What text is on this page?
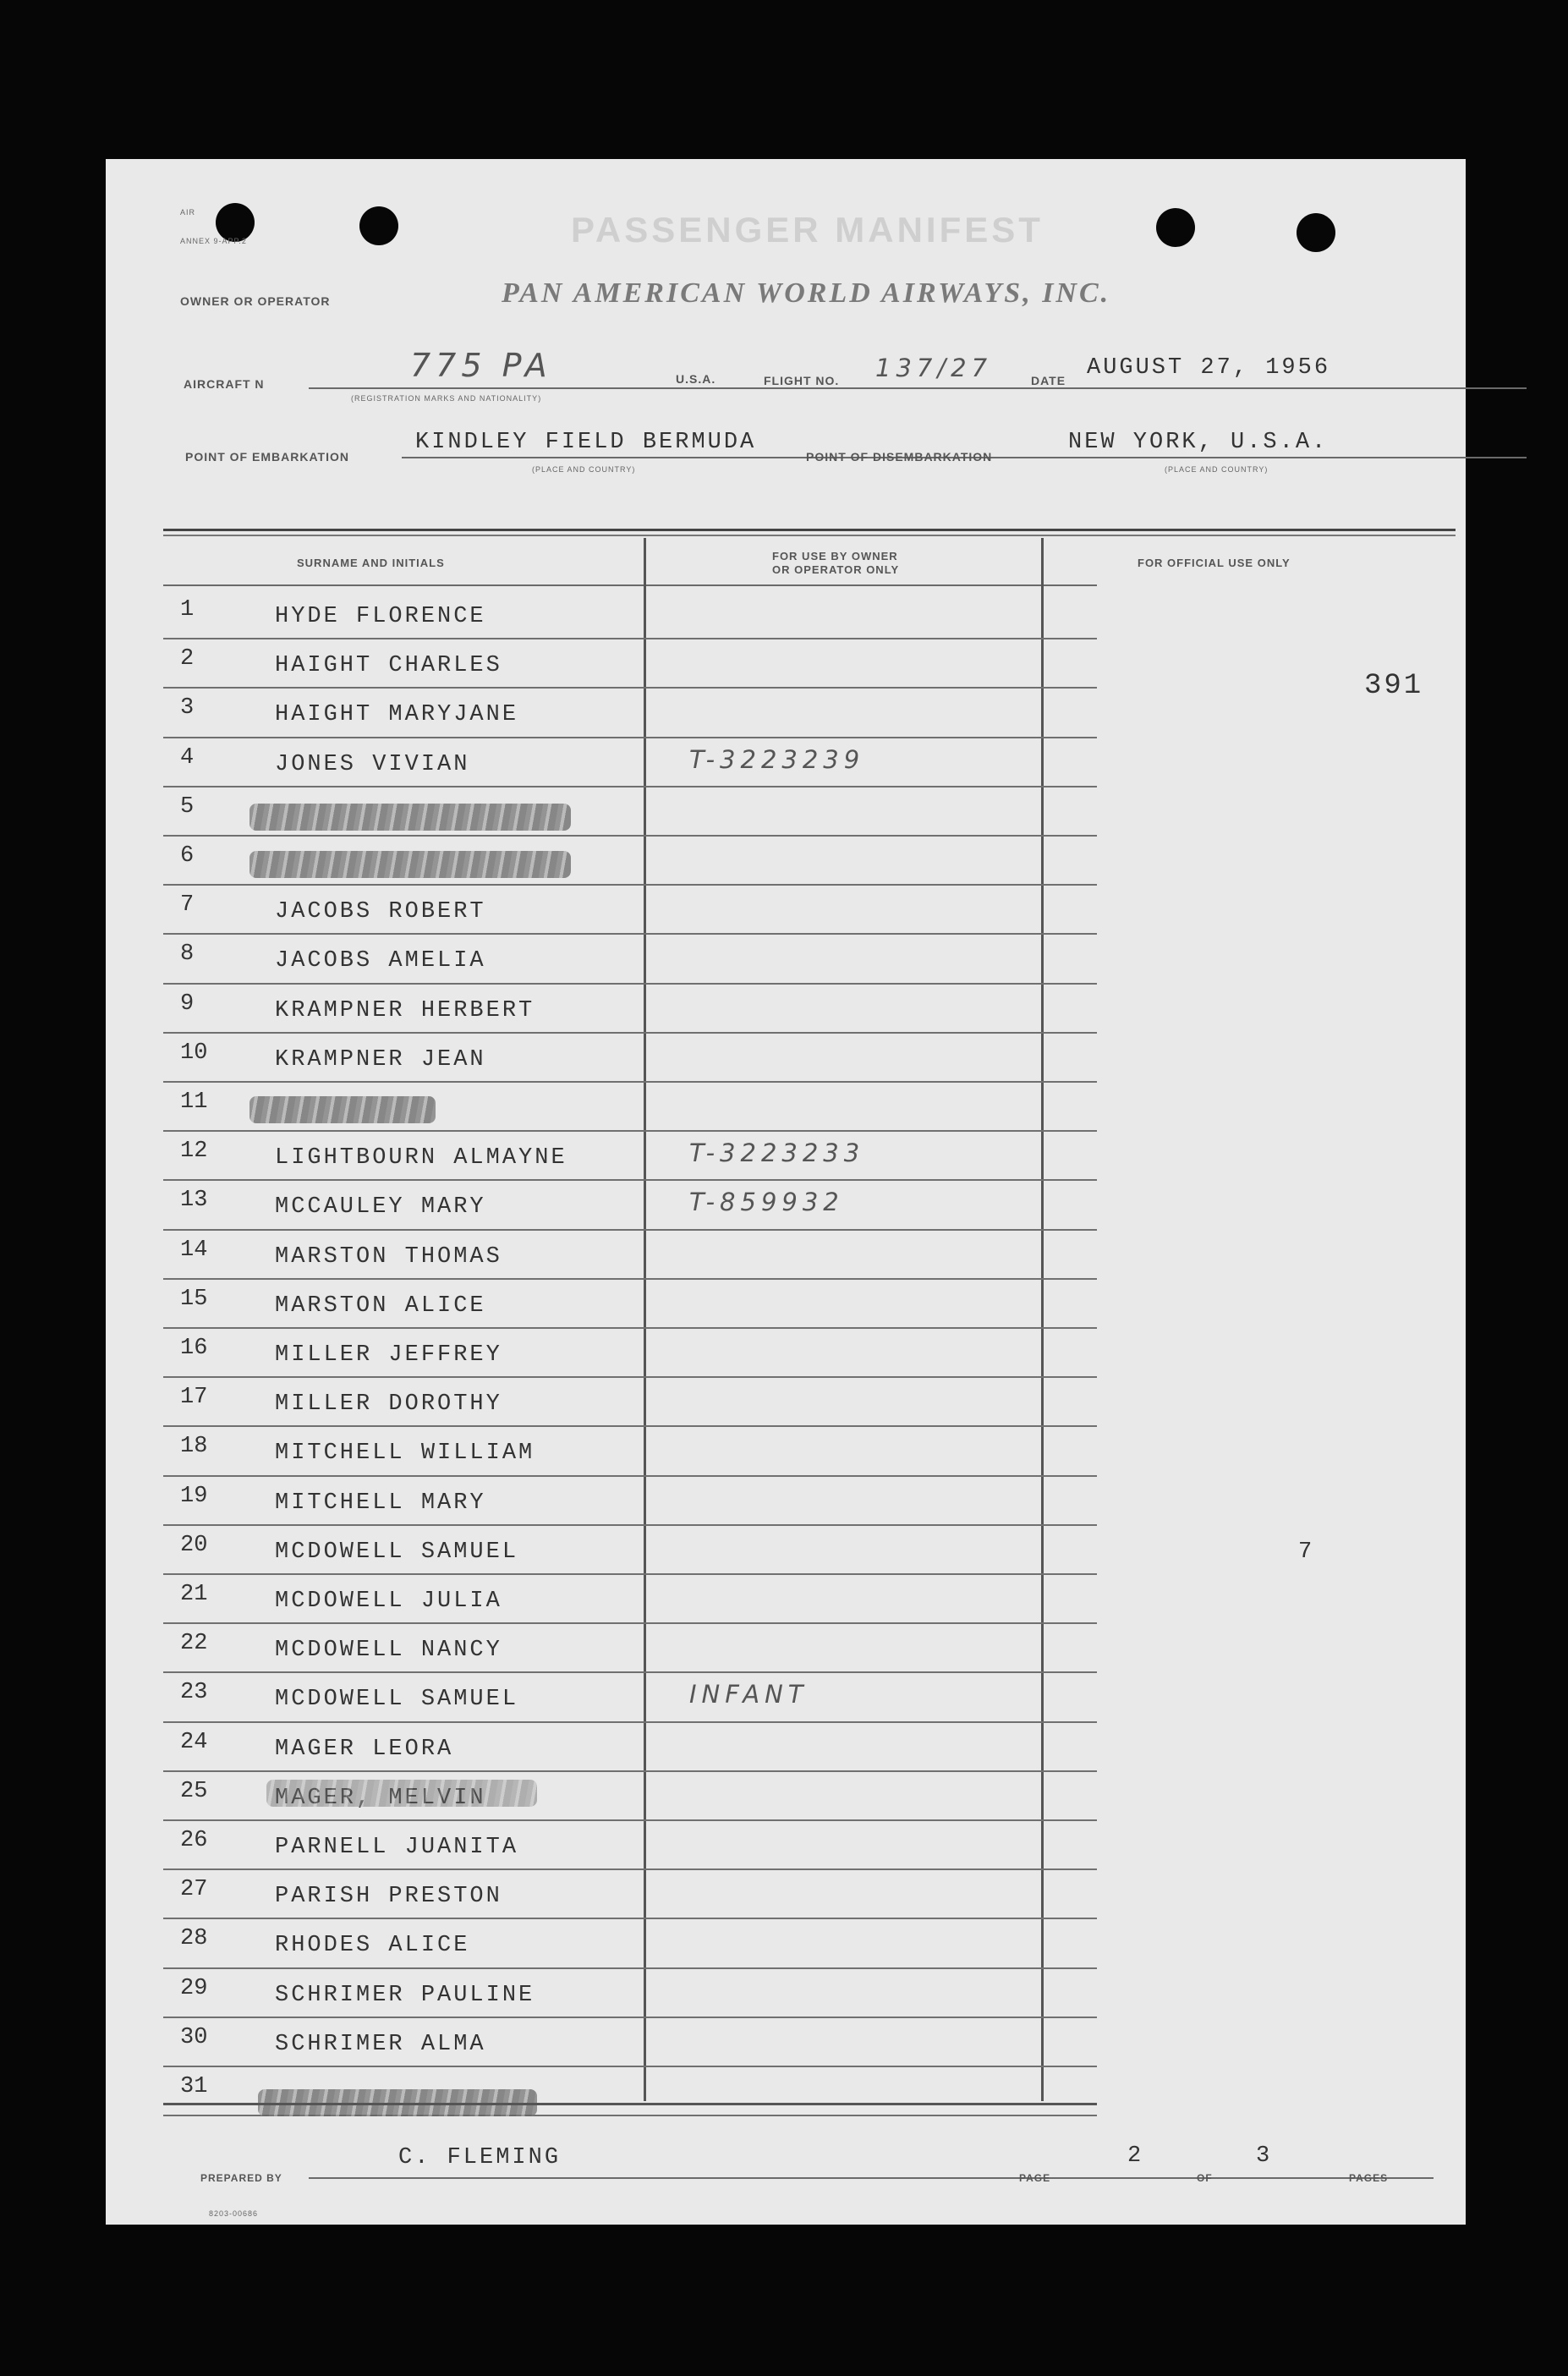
AIR
ANNEX 9-APP.2	PASSENGER MANIFEST
OWNER OR OPERATOR	PAN AMERICAN WORLD AIRWAYS, INC.
AIRCRAFT N	775 PA
(REGISTRATION MARKS AND NATIONALITY)
U.S.A.	FLIGHT NO. 137/27	DATE AUGUST 27, 1956
POINT OF EMBARKATION
KINDLEY FIELD BERMUDA
(PLACE AND COUNTRY)
POINT OF DISEMBARKATION
NEW YORK, U.S.A.
(PLACE AND COUNTRY)
SURNAME AND INITIALS
FOR USE BY OWNER
OR OPERATOR ONLY
FOR OFFICIAL USE ONLY
391
7
1	HYDE FLORENCE
2	HAIGHT CHARLES
3	HAIGHT MARYJANE
4	JONES VIVIAN	T-3223239
5
6
7	JACOBS ROBERT
8	JACOBS AMELIA
9	KRAMPNER HERBERT
10	KRAMPNER JEAN
11
12	LIGHTBOURN ALMAYNE	T-3223233
13	MCCAULEY MARY	T-859932
14	MARSTON THOMAS
15	MARSTON ALICE
16	MILLER JEFFREY
17	MILLER DOROTHY
18	MITCHELL WILLIAM
19	MITCHELL MARY
20	MCDOWELL SAMUEL
21	MCDOWELL JULIA
22	MCDOWELL NANCY
23	MCDOWELL SAMUEL	INFANT
24	MAGER LEORA
25	MAGER, MELVIN
26	PARNELL JUANITA
27	PARISH PRESTON
28	RHODES ALICE
29	SCHRIMER PAULINE
30	SCHRIMER ALMA
31
PREPARED BY
C. FLEMING
PAGE
2
OF
3
PAGES
8203-00686
